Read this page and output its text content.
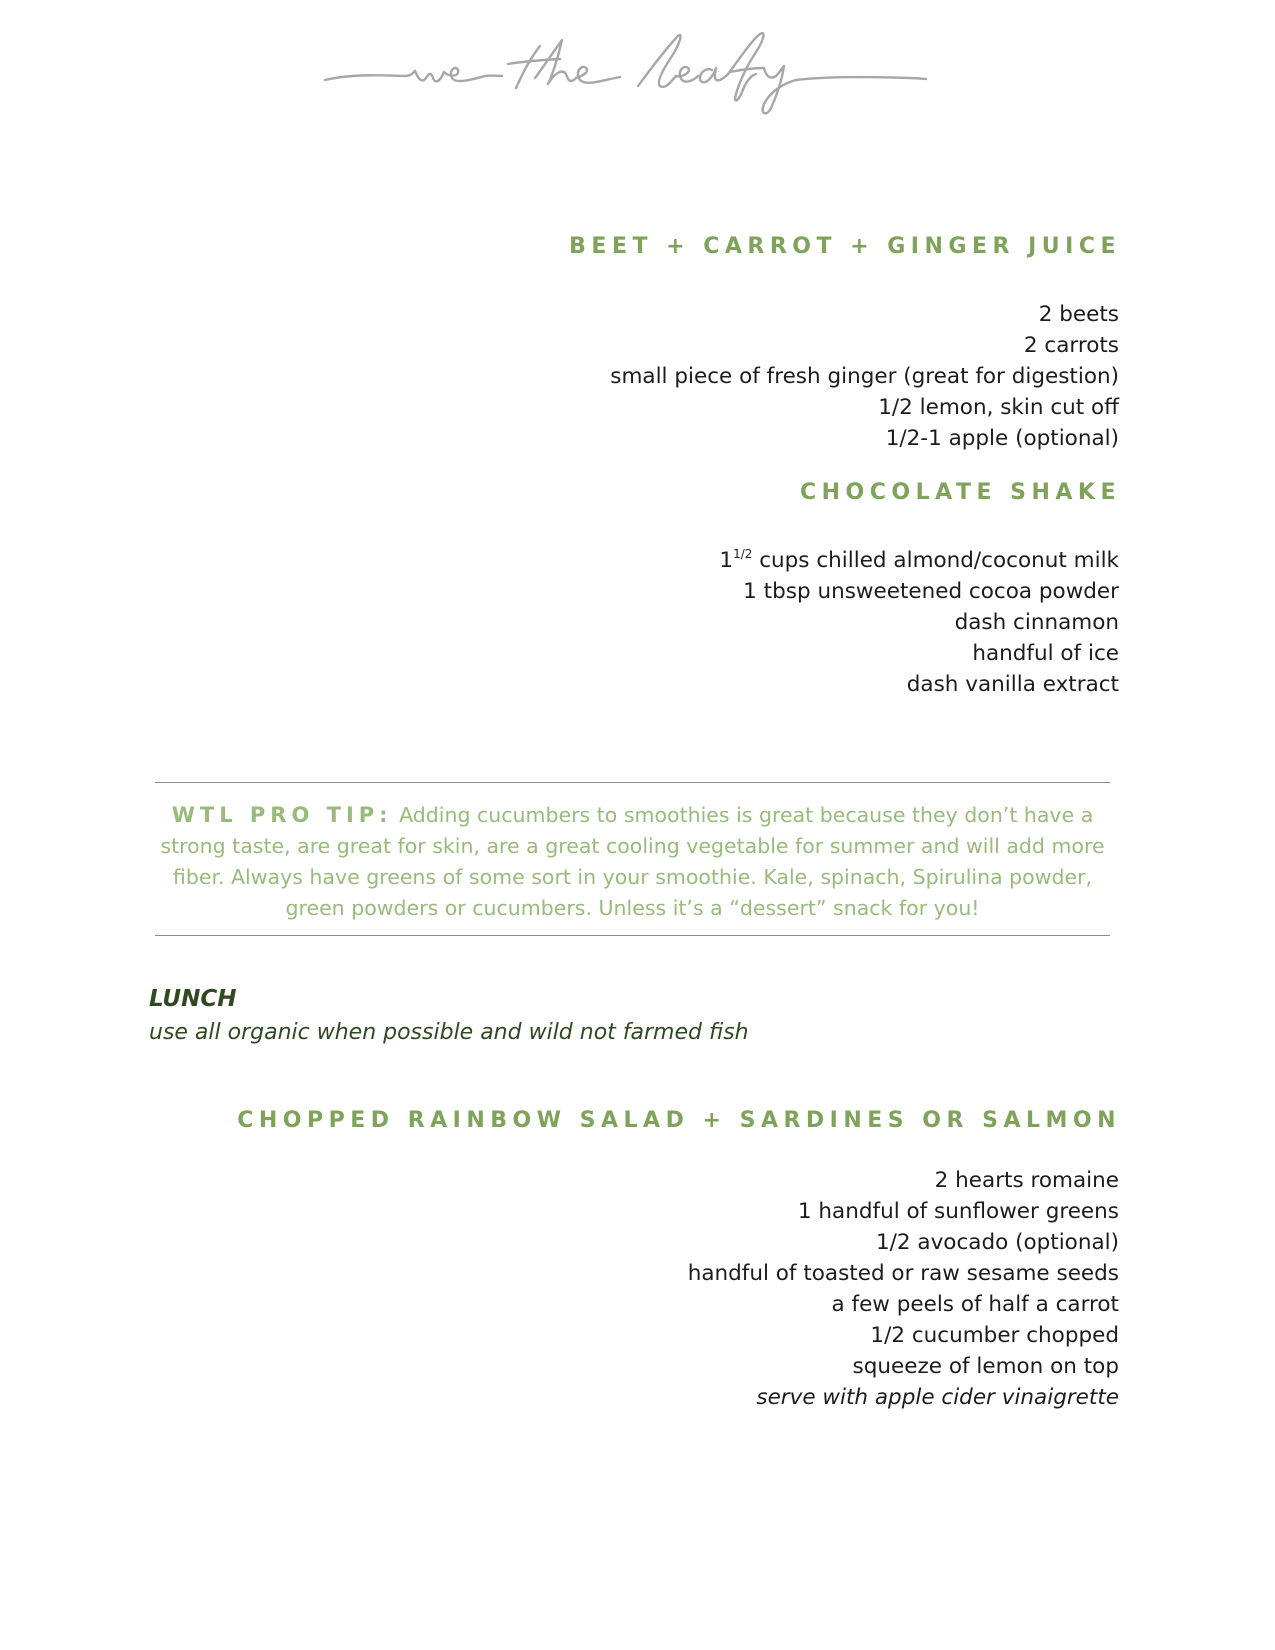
BEET + CARROT + GINGER JUICE
2 beets
2 carrots
small piece of fresh ginger (great for digestion)
1/2 lemon, skin cut off
1/2-1 apple (optional)
CHOCOLATE SHAKE
$1^{1/2}$ cups chilled almond/coconut milk
1 tbsp unsweetened cocoa powder
dash cinnamon
handful of ice
dash vanilla extract

WTL PRO TIP: Adding cucumbers to smoothies is great because they don’t have a strong taste, are great for skin, are a great cooling vegetable for summer and will add more fiber. Always have greens of some sort in your smoothie. Kale, spinach, Spirulina powder, green powders or cucumbers. Unless it’s a “dessert” snack for you!

LUNCH

use all organic when possible and wild not farmed fish

CHOPPED RAINBOW SALAD + SARDINES OR SALMON
2 hearts romaine
1 handful of sunflower greens
1/2 avocado (optional)
handful of toasted or raw sesame seeds
a few peels of half a carrot
1/2 cucumber chopped
squeeze of lemon on top
serve with apple cider vinaigrette
